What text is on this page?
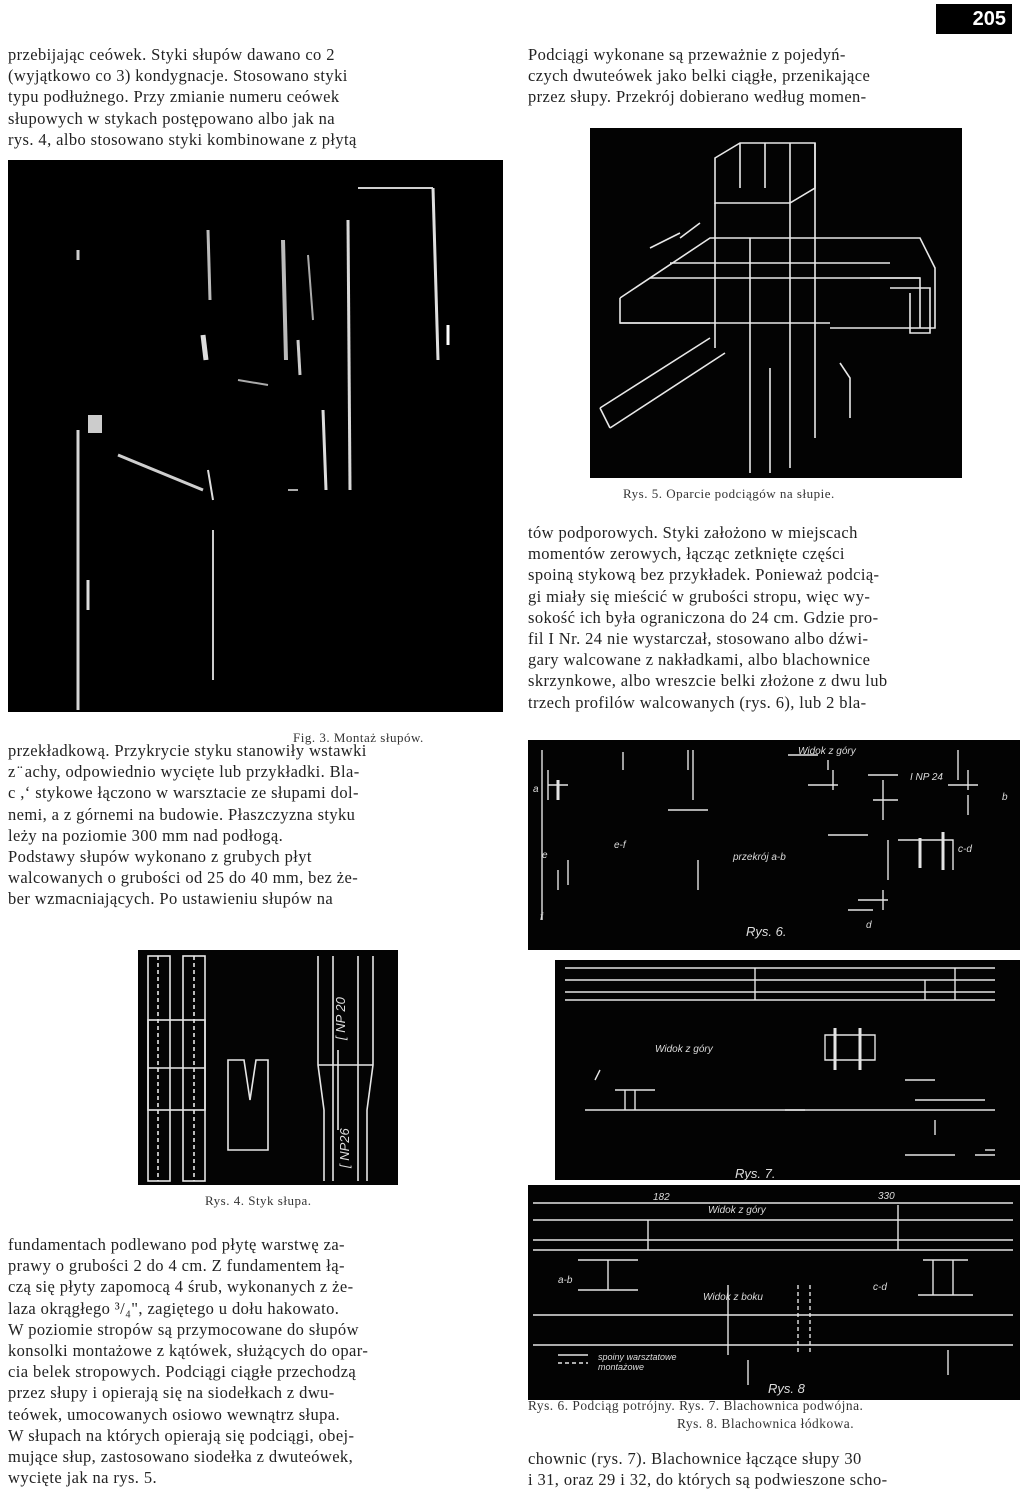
205
przebijając ceówek. Styki słupów dawano co 2
(wyjątkowo co 3) kondygnacje. Stosowano styki
typu podłużnego. Przy zmianie numeru ceówek
słupowych w stykach postępowano albo jak na
rys. 4, albo stosowano styki kombinowane z płytą
Fig. 3. Montaż słupów.
przekładkową. Przykrycie styku stanowiły wstawki
z ̈ achy, odpowiednio wycięte lub przykładki. Bla-
c ,ʻ stykowe łączono w warsztacie ze słupami dol-
nemi, a z górnemi na budowie. Płaszczyzna styku
leży na poziomie 300 mm nad podłogą.
Podstawy słupów wykonano z grubych płyt
walcowanych o grubości od 25 do 40 mm, bez że-
ber wzmacniających. Po ustawieniu słupów na
[ NP 20
[ NP26
Rys. 4. Styk słupa.
fundamentach podlewano pod płytę warstwę za-
prawy o grubości 2 do 4 cm. Z fundamentem łą-
czą się płyty zapomocą 4 śrub, wykonanych z że-
laza okrągłego ³/₄", zagiętego u dołu hakowato.
W poziomie stropów są przymocowane do słupów
konsolki montażowe z kątówek, służących do opar-
cia belek stropowych. Podciągi ciągłe przechodzą
przez słupy i opierają się na siodełkach z dwu-
teówek, umocowanych osiowo wewnątrz słupa.
W słupach na których opierają się podciągi, obej-
mujące słup, zastosowano siodełka z dwuteówek,
wycięte jak na rys. 5.
Podciągi wykonane są przeważnie z pojedyń-
czych dwuteówek jako belki ciągłe, przenikające
przez słupy. Przekrój dobierano według momen-
Rys. 5. Oparcie podciągów na słupie.
tów podporowych. Styki założono w miejscach
momentów zerowych, łącząc zetknięte części
spoiną stykową bez przykładek. Ponieważ podcią-
gi miały się mieścić w grubości stropu, więc wy-
sokość ich była ograniczona do 24 cm. Gdzie pro-
fil I Nr. 24 nie wystarczał, stosowano albo dźwi-
gary walcowane z nakładkami, albo blachownice
skrzynkowe, albo wreszcie belki złożone z dwu lub
trzech profilów walcowanych (rys. 6), lub 2 bla-
Widok z góry
I NP 24
przekrój a-b
e-f	c-d
a
b
d
e
f
Rys. 6.
Widok z góry
Rys. 7.
182	330
Widok z góry
Widok z boku
a-b
c-d
spoiny warsztatowe
montażowe
Rys. 8
Rys. 6. Podciąg potrójny. Rys. 7. Blachownica podwójna.
Rys. 8. Blachownica łódkowa.
chownic (rys. 7). Blachownice łączące słupy 30
i 31, oraz 29 i 32, do których są podwieszone scho-
